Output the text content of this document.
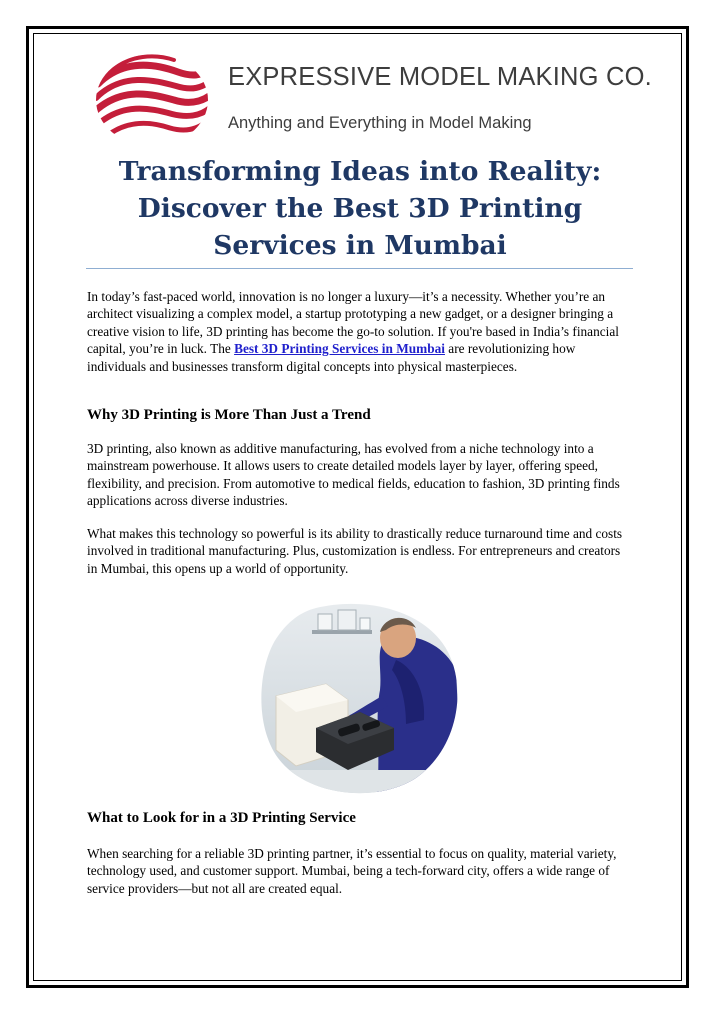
EXPRESSIVE MODEL MAKING CO.
Anything and Everything in Model Making
Transforming Ideas into Reality: Discover the Best 3D Printing Services in Mumbai

In today’s fast-paced world, innovation is no longer a luxury—it’s a necessity. Whether you’re an architect visualizing a complex model, a startup prototyping a new gadget, or a designer bringing a creative vision to life, 3D printing has become the go-to solution. If you're based in India’s financial capital, you’re in luck. The Best 3D Printing Services in Mumbai are revolutionizing how individuals and businesses transform digital concepts into physical masterpieces.

Why 3D Printing is More Than Just a Trend

3D printing, also known as additive manufacturing, has evolved from a niche technology into a mainstream powerhouse. It allows users to create detailed models layer by layer, offering speed, flexibility, and precision. From automotive to medical fields, education to fashion, 3D printing finds applications across diverse industries.

What makes this technology so powerful is its ability to drastically reduce turnaround time and costs involved in traditional manufacturing. Plus, customization is endless. For entrepreneurs and creators in Mumbai, this opens up a world of opportunity.

What to Look for in a 3D Printing Service

When searching for a reliable 3D printing partner, it’s essential to focus on quality, material variety, technology used, and customer support. Mumbai, being a tech-forward city, offers a wide range of service providers—but not all are created equal.
